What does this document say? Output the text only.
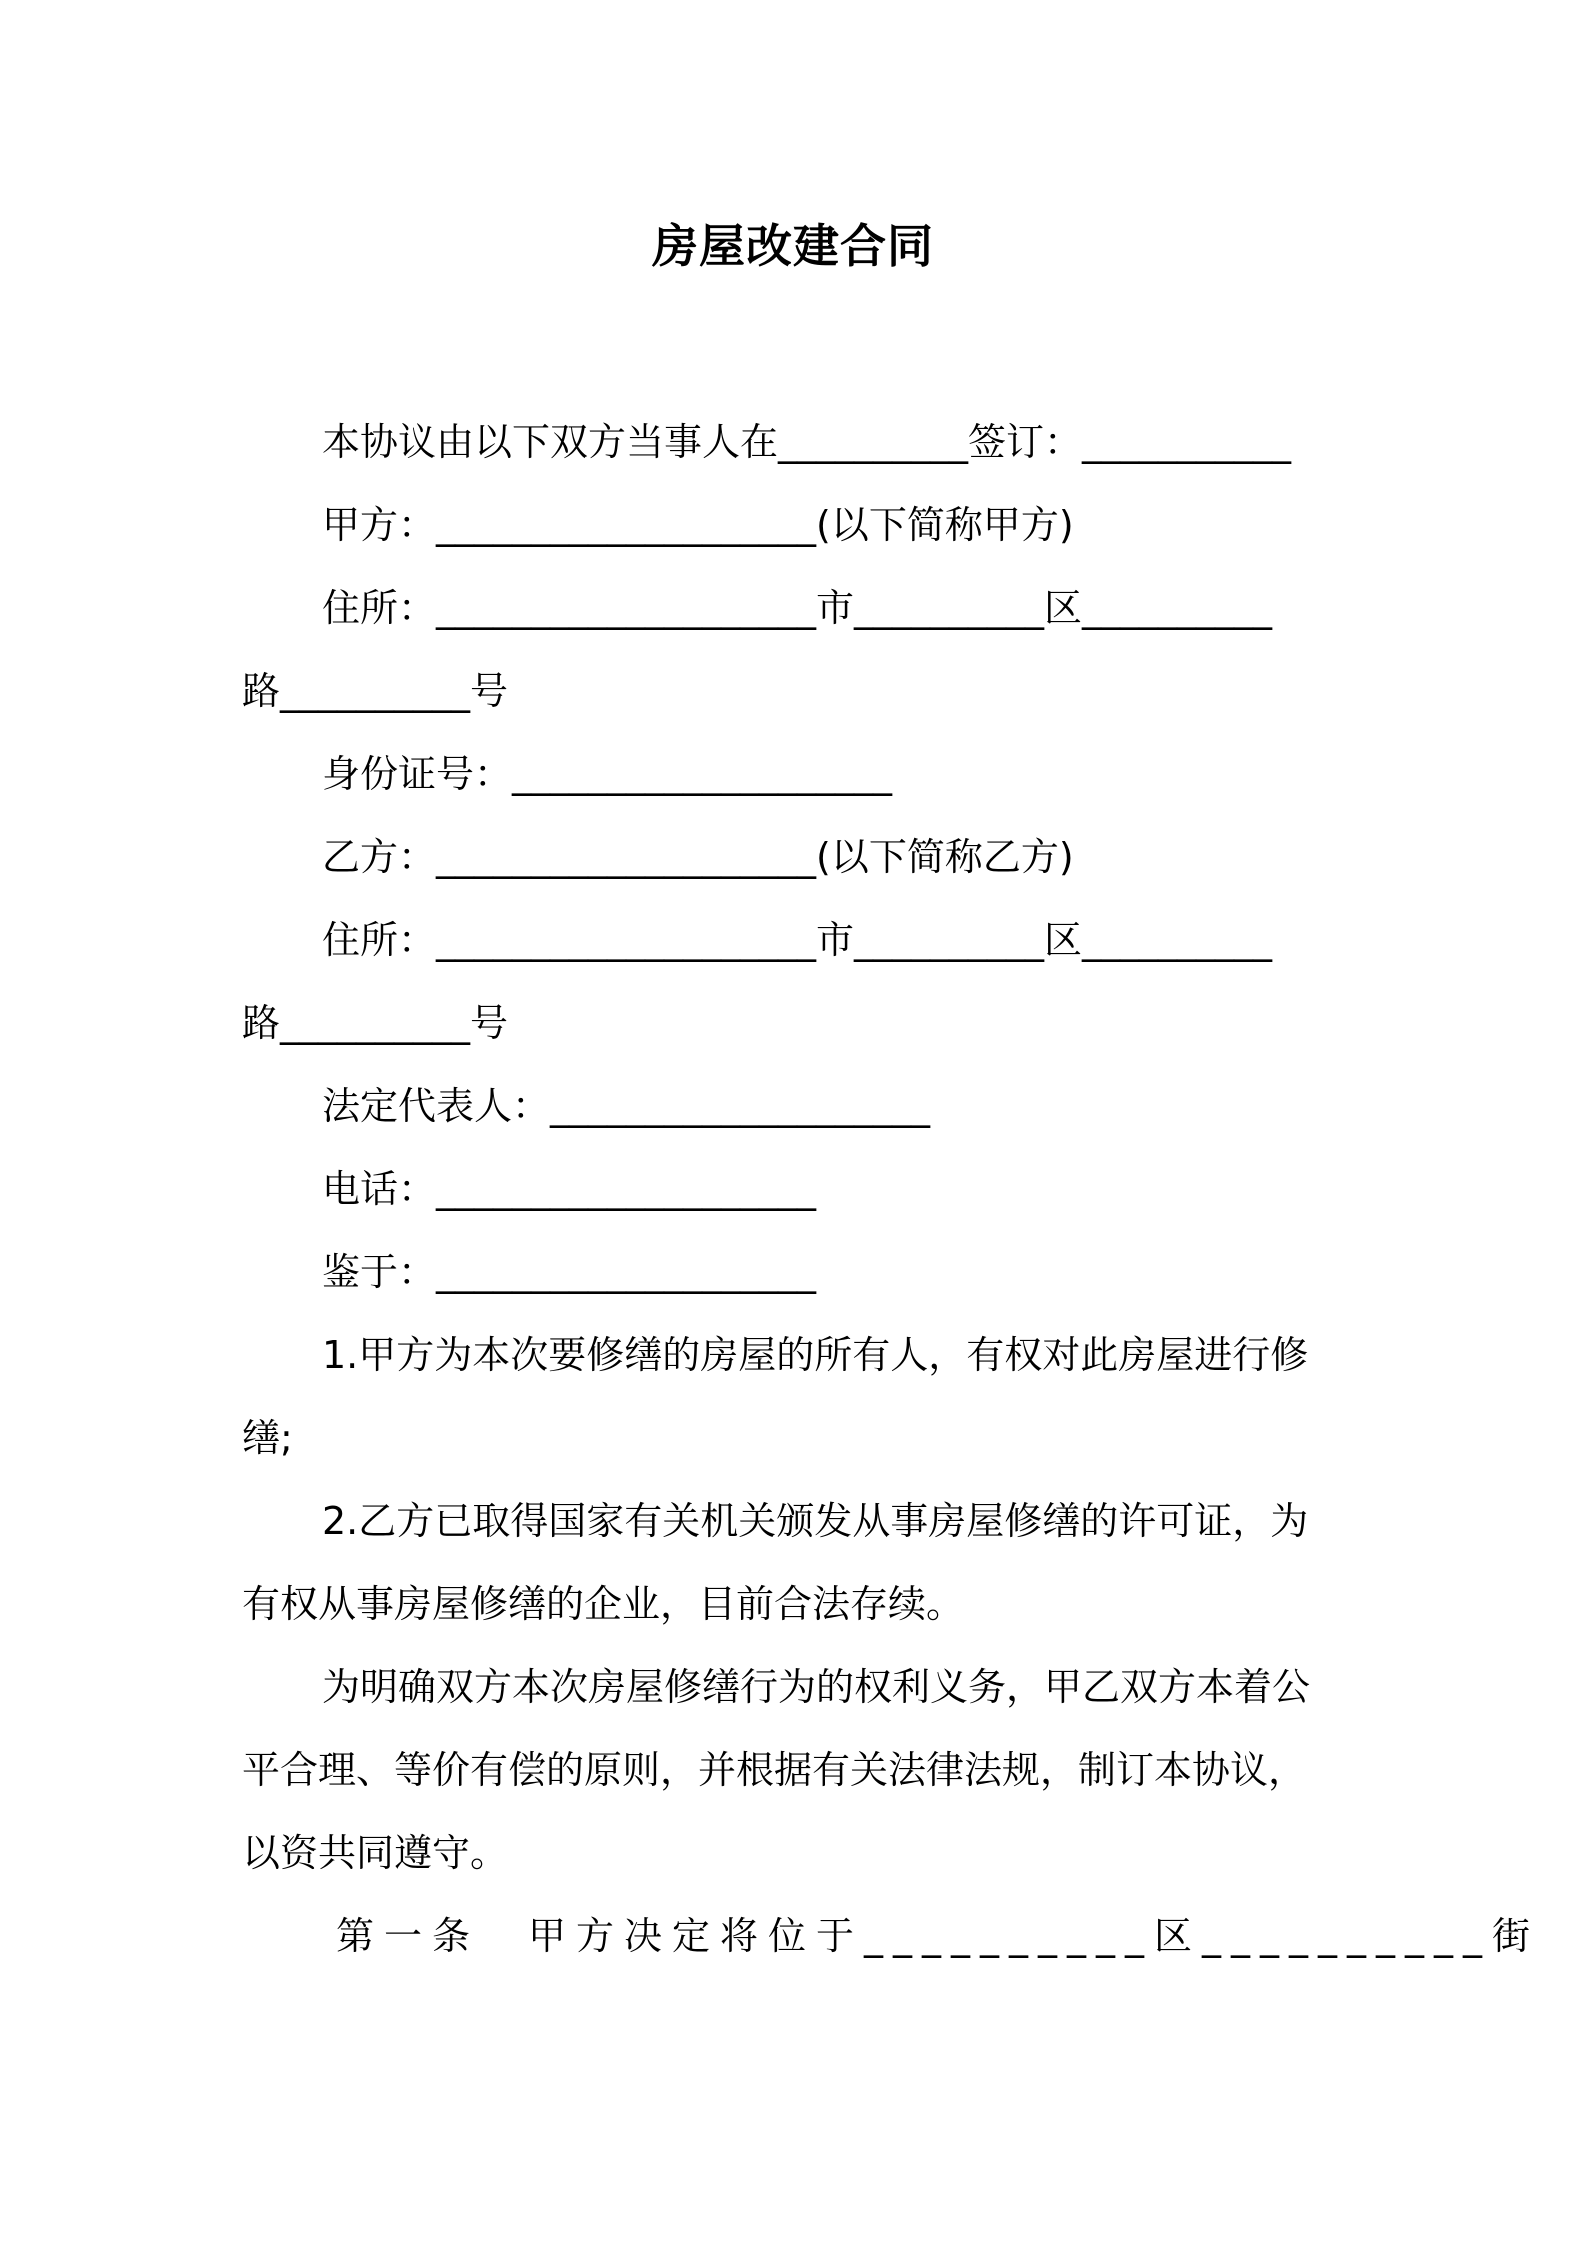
房屋改建合同
本协议由以下双方当事人在__________签订：___________
甲方：____________________(以下简称甲方)
住所：____________________市__________区__________
路__________号
身份证号：____________________
乙方：____________________(以下简称乙方)
住所：____________________市__________区__________
路__________号
法定代表人：____________________
电话：____________________
鉴于：____________________
1.甲方为本次要修缮的房屋的所有人，有权对此房屋进行修
缮;
2.乙方已取得国家有关机关颁发从事房屋修缮的许可证，为
有权从事房屋修缮的企业，目前合法存续。
为明确双方本次房屋修缮行为的权利义务，甲乙双方本着公
平合理、等价有偿的原则，并根据有关法律法规，制订本协议，
以资共同遵守。
第一条　甲方决定将位于__________区__________街
